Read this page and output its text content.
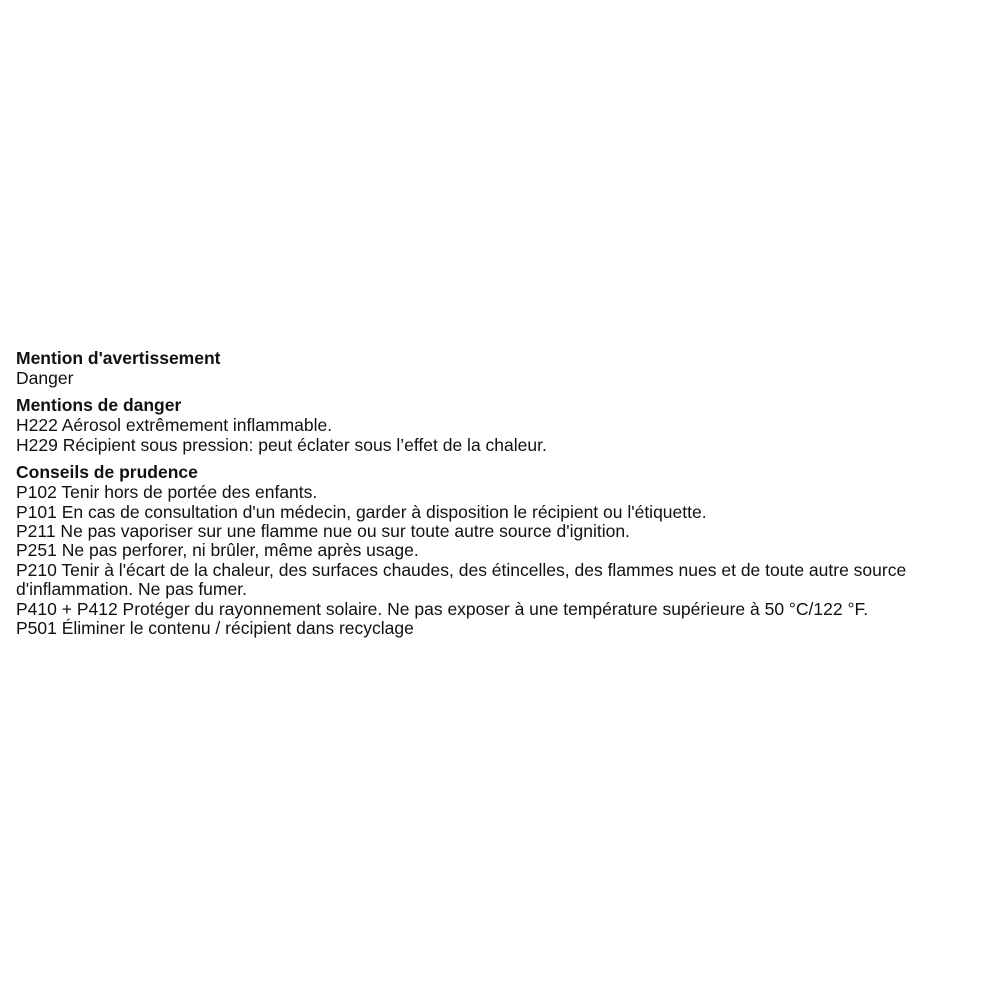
Mention d'avertissement

Danger

Mentions de danger

H222 Aérosol extrêmement inflammable.

H229 Récipient sous pression: peut éclater sous l’effet de la chaleur.

Conseils de prudence

P102 Tenir hors de portée des enfants.

P101 En cas de consultation d'un médecin, garder à disposition le récipient ou l'étiquette.

P211 Ne pas vaporiser sur une flamme nue ou sur toute autre source d'ignition.

P251 Ne pas perforer, ni brûler, même après usage.

P210 Tenir à l'écart de la chaleur, des surfaces chaudes, des étincelles, des flammes nues et de toute autre source

d'inflammation. Ne pas fumer.

P410 + P412 Protéger du rayonnement solaire. Ne pas exposer à une température supérieure à 50 °C/122 °F.

P501 Éliminer le contenu / récipient dans recyclage
